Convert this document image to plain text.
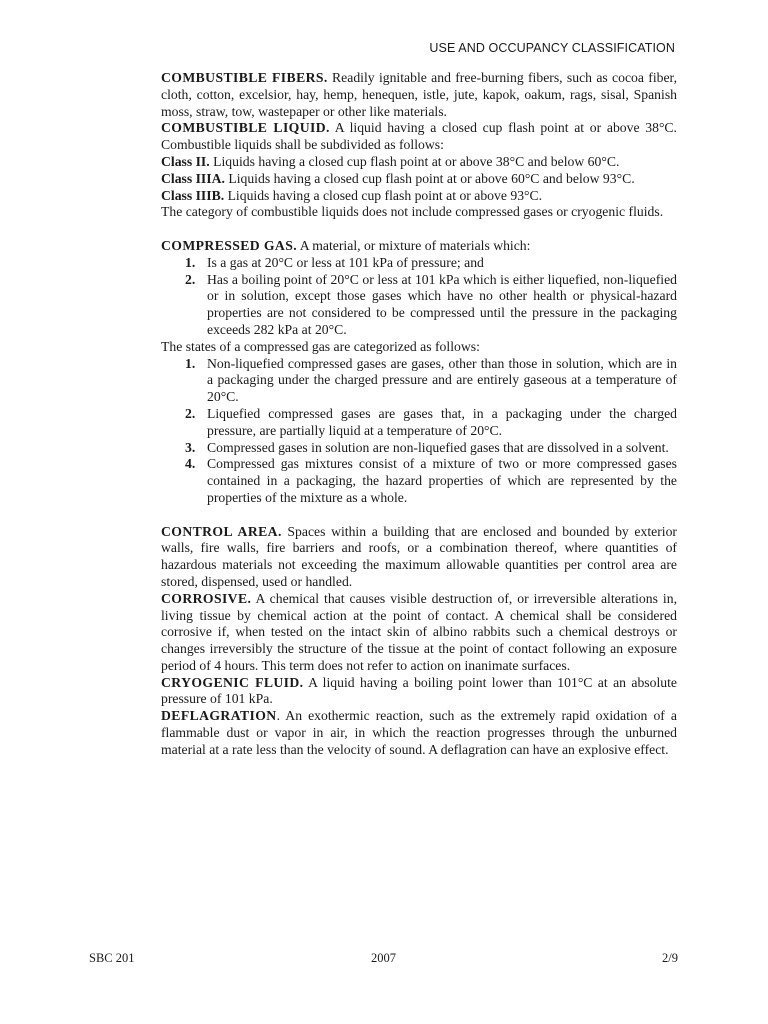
USE AND OCCUPANCY CLASSIFICATION

COMBUSTIBLE FIBERS. Readily ignitable and free-burning fibers, such as cocoa fiber, cloth, cotton, excelsior, hay, hemp, henequen, istle, jute, kapok, oakum, rags, sisal, Spanish moss, straw, tow, wastepaper or other like materials.

COMBUSTIBLE LIQUID. A liquid having a closed cup flash point at or above 38°C. Combustible liquids shall be subdivided as follows:

Class II. Liquids having a closed cup flash point at or above 38°C and below 60°C.

Class IIIA. Liquids having a closed cup flash point at or above 60°C and below 93°C.

Class IIIB. Liquids having a closed cup flash point at or above 93°C.

The category of combustible liquids does not include compressed gases or cryogenic fluids.

COMPRESSED GAS. A material, or mixture of materials which:

1. Is a gas at 20°C or less at 101 kPa of pressure; and
2. Has a boiling point of 20°C or less at 101 kPa which is either liquefied, non-liquefied or in solution, except those gases which have no other health or physical-hazard properties are not considered to be compressed until the pressure in the packaging exceeds 282 kPa at 20°C.

The states of a compressed gas are categorized as follows:

1. Non-liquefied compressed gases are gases, other than those in solution, which are in a packaging under the charged pressure and are entirely gaseous at a temperature of 20°C.
2. Liquefied compressed gases are gases that, in a packaging under the charged pressure, are partially liquid at a temperature of 20°C.
3. Compressed gases in solution are non-liquefied gases that are dissolved in a solvent.
4. Compressed gas mixtures consist of a mixture of two or more compressed gases contained in a packaging, the hazard properties of which are represented by the properties of the mixture as a whole.

CONTROL AREA. Spaces within a building that are enclosed and bounded by exterior walls, fire walls, fire barriers and roofs, or a combination thereof, where quantities of hazardous materials not exceeding the maximum allowable quantities per control area are stored, dispensed, used or handled.

CORROSIVE. A chemical that causes visible destruction of, or irreversible alterations in, living tissue by chemical action at the point of contact. A chemical shall be considered corrosive if, when tested on the intact skin of albino rabbits such a chemical destroys or changes irreversibly the structure of the tissue at the point of contact following an exposure period of 4 hours. This term does not refer to action on inanimate surfaces.

CRYOGENIC FLUID. A liquid having a boiling point lower than 101°C at an absolute pressure of 101 kPa.

DEFLAGRATION. An exothermic reaction, such as the extremely rapid oxidation of a flammable dust or vapor in air, in which the reaction progresses through the unburned material at a rate less than the velocity of sound. A deflagration can have an explosive effect.

SBC 201	2007	2/9
